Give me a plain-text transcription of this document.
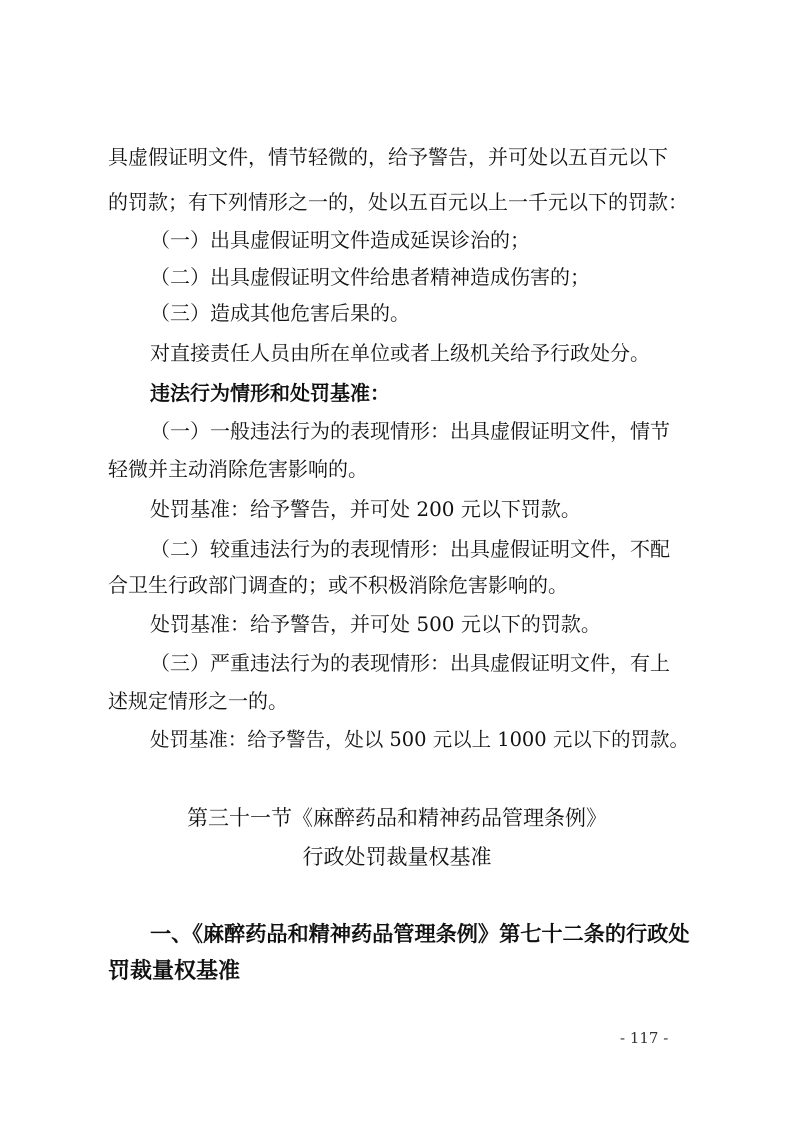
具虚假证明文件，情节轻微的，给予警告，并可处以五百元以下
的罚款；有下列情形之一的，处以五百元以上一千元以下的罚款：
（一）出具虚假证明文件造成延误诊治的；
（二）出具虚假证明文件给患者精神造成伤害的；
（三）造成其他危害后果的。
对直接责任人员由所在单位或者上级机关给予行政处分。
违法行为情形和处罚基准：
（一）一般违法行为的表现情形：出具虚假证明文件，情节
轻微并主动消除危害影响的。
处罚基准：给予警告，并可处 200 元以下罚款。
（二）较重违法行为的表现情形：出具虚假证明文件，不配
合卫生行政部门调查的；或不积极消除危害影响的。
处罚基准：给予警告，并可处 500 元以下的罚款。
（三）严重违法行为的表现情形：出具虚假证明文件，有上
述规定情形之一的。
处罚基准：给予警告，处以 500 元以上 1000 元以下的罚款。
第三十一节《麻醉药品和精神药品管理条例》
行政处罚裁量权基准
一、《麻醉药品和精神药品管理条例》第七十二条的行政处
罚裁量权基准
- 117 -
